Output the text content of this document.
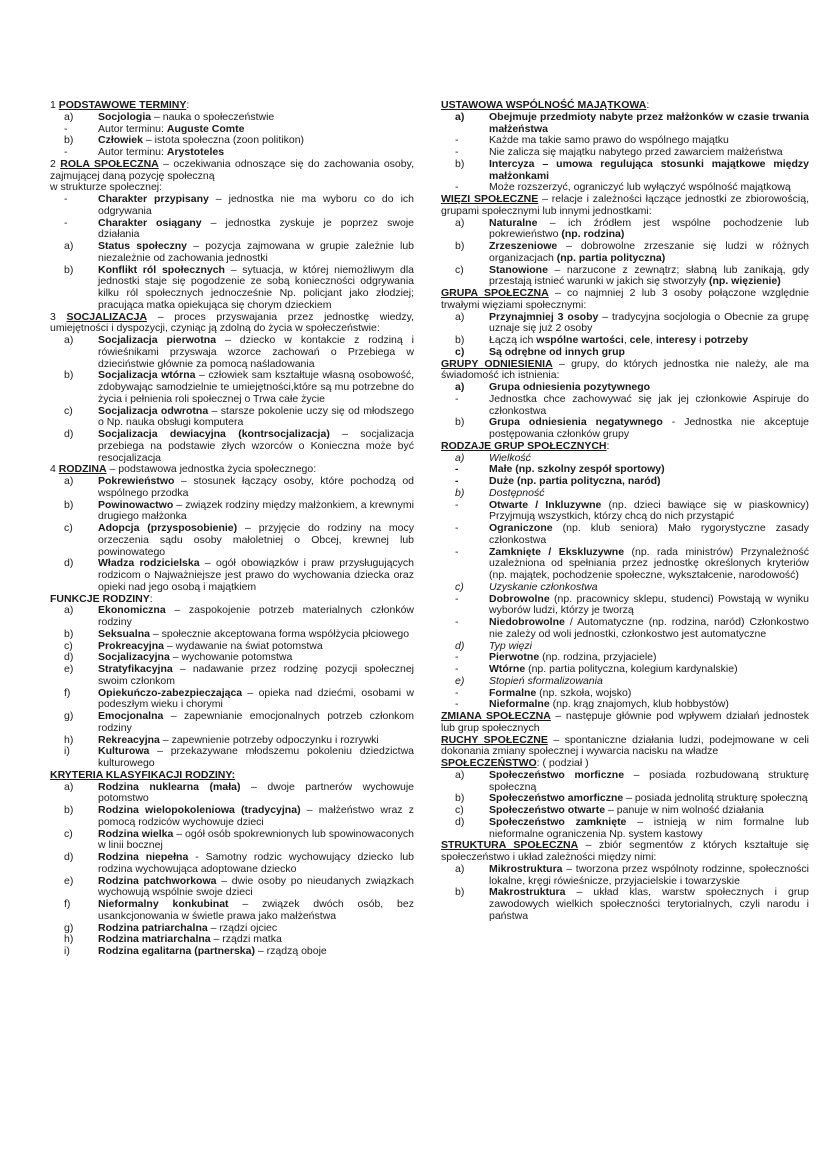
1 PODSTAWOWE TERMINY:
a) Socjologia – nauka o społeczeństwie
-	Autor terminu: Auguste Comte
b) Człowiek – istota społeczna (zoon politikon)
-	Autor terminu: Arystoteles
2 ROLA SPOŁECZNA – oczekiwania odnoszące się do zachowania osoby, zajmującej daną pozycję społeczną
w strukturze społecznej:
-	Charakter przypisany – jednostka nie ma wyboru co do ich odgrywania
-	Charakter osiągany – jednostka zyskuje je poprzez swoje działania
a) Status społeczny – pozycja zajmowana w grupie zależnie lub niezależnie od zachowania jednostki
b) Konflikt ról społecznych – sytuacja, w której niemożliwym dla jednostki staje się pogodzenie ze sobą konieczności odgrywania kilku ról społecznych jednocześnie Np. policjant jako złodziej; pracująca matka opiekująca się chorym dzieckiem
3 SOCJALIZACJA – proces przyswajania przez jednostkę wiedzy, umiejętności i dyspozycji, czyniąc ją zdolną do życia w społeczeństwie:
a) Socjalizacja pierwotna – dziecko w kontakcie z rodziną i rówieśnikami przyswaja wzorce zachowań o Przebiega w dzieciństwie głównie za pomocą naśladowania
b) Socjalizacja wtórna – człowiek sam kształtuje własną osobowość, zdobywając samodzielnie te umiejętności,które są mu potrzebne do życia i pełnienia roli społecznej o Trwa całe życie
c) Socjalizacja odwrotna – starsze pokolenie uczy się od młodszego o Np. nauka obsługi komputera
d) Socjalizacja dewiacyjna (kontrsocjalizacja) – socjalizacja przebiega na podstawie złych wzorców o Konieczna może być resocjalizacja
4 RODZINA – podstawowa jednostka życia społecznego:
a) Pokrewieństwo – stosunek łączący osoby, które pochodzą od wspólnego przodka
b) Powinowactwo – związek rodziny między małżonkiem, a krewnymi drugiego małżonka
c) Adopcja (przysposobienie) – przyjęcie do rodziny na mocy orzeczenia sądu osoby małoletniej o Obcej, krewnej lub powinowatego
d) Władza rodzicielska – ogół obowiązków i praw przysługujących rodzicom o Najważniejsze jest prawo do wychowania dziecka oraz opieki nad jego osobą i majątkiem
FUNKCJE RODZINY:
a) Ekonomiczna – zaspokojenie potrzeb materialnych członków rodziny
b) Seksualna – społecznie akceptowana forma współżycia płciowego
c) Prokreacyjna – wydawanie na świat potomstwa
d) Socjalizacyjna – wychowanie potomstwa
e) Stratyfikacyjna – nadawanie przez rodzinę pozycji społecznej swoim członkom
f)	Opiekuńczo-zabezpieczająca – opieka nad dziećmi, osobami w podeszłym wieku i chorymi
g) Emocjonalna – zapewnianie emocjonalnych potrzeb członkom rodziny
h) Rekreacyjna – zapewnienie potrzeby odpoczynku i rozrywki
i)	Kulturowa – przekazywane młodszemu pokoleniu dziedzictwa kulturowego
KRYTERIA KLASYFIKACJI RODZINY:
a) Rodzina nuklearna (mała) – dwoje partnerów wychowuje potomstwo
b) Rodzina wielopokoleniowa (tradycyjna) – małżeństwo wraz z pomocą rodziców wychowuje dzieci
c) Rodzina wielka – ogół osób spokrewnionych lub spowinowaconych w linii bocznej
d) Rodzina niepełna - Samotny rodzic wychowujący dziecko lub rodzina wychowująca adoptowane dziecko
e) Rodzina patchworkowa – dwie osoby po nieudanych związkach wychowują wspólnie swoje dzieci
f)	Nieformalny konkubinat – związek dwóch osób, bez usankcjonowania w świetle prawa jako małżeństwa
g) Rodzina patriarchalna – rządzi ojciec
h) Rodzina matriarchalna – rządzi matka
i)	Rodzina egalitarna (partnerska) – rządzą oboje
USTAWOWA WSPÓLNOŚĆ MAJĄTKOWA:
a) Obejmuje przedmioty nabyte przez małżonków w czasie trwania małżeństwa
-	Każde ma takie samo prawo do wspólnego majątku
-	Nie zalicza się majątku nabytego przed zawarciem małżeństwa
b) Intercyza – umowa regulująca stosunki majątkowe między małżonkami
-	Może rozszerzyć, ograniczyć lub wyłączyć wspólność majątkową
WIĘZI SPOŁECZNE – relacje i zależności łączące jednostki ze zbiorowością, grupami społecznymi lub innymi jednostkami:
a) Naturalne – ich źródłem jest wspólne pochodzenie lub pokrewieństwo (np. rodzina)
b) Zrzeszeniowe – dobrowolne zrzeszanie się ludzi w różnych organizacjach (np. partia polityczna)
c) Stanowione – narzucone z zewnątrz; słabną lub zanikają, gdy przestają istnieć warunki w jakich się stworzyły (np. więzienie)
GRUPA SPOŁECZNA – co najmniej 2 lub 3 osoby połączone względnie trwałymi więziami społecznymi:
a) Przynajmniej 3 osoby – tradycyjna socjologia o Obecnie za grupę uznaje się już 2 osoby
b) Łączą ich wspólne wartości, cele, interesy i potrzeby
c) Są odrębne od innych grup
GRUPY ODNIESIENIA – grupy, do których jednostka nie należy, ale ma świadomość ich istnienia:
a) Grupa odniesienia pozytywnego
-	Jednostka chce zachowywać się jak jej członkowie Aspiruje do członkostwa
b) Grupa odniesienia negatywnego - Jednostka nie akceptuje postępowania członków grupy
RODZAJE GRUP SPOŁECZNYCH:
a) Wielkość
-	Małe (np. szkolny zespół sportowy)
-	Duże (np. partia polityczna, naród)
b) Dostępność
-	Otwarte / Inkluzywne (np. dzieci bawiące się w piaskownicy) Przyjmują wszystkich, którzy chcą do nich przystąpić
-	Ograniczone (np. klub seniora) Mało rygorystyczne zasady członkostwa
-	Zamknięte / Ekskluzywne (np. rada ministrów) Przynależność uzależniona od spełniania przez jednostkę określonych kryteriów (np. majątek, pochodzenie społeczne, wykształcenie, narodowość)
c) Uzyskanie członkostwa
-	Dobrowolne (np. pracownicy sklepu, studenci) Powstają w wyniku wyborów ludzi, którzy je tworzą
-	Niedobrowolne / Automatyczne (np. rodzina, naród) Członkostwo nie zależy od woli jednostki, członkostwo jest automatyczne
d) Typ więzi
-	Pierwotne (np. rodzina, przyjaciele)
-	Wtórne (np. partia polityczna, kolegium kardynalskie)
e) Stopień sformalizowania
-	Formalne (np. szkoła, wojsko)
-	Nieformalne (np. krąg znajomych, klub hobbystów)
ZMIANA SPOŁECZNA – następuje głównie pod wpływem działań jednostek lub grup społecznych
RUCHY SPOŁECZNE – spontaniczne działania ludzi, podejmowane w celi dokonania zmiany społecznej i wywarcia nacisku na władze
SPOŁECZEŃSTWO: ( podział )
a) Społeczeństwo morficzne – posiada rozbudowaną strukturę społeczną
b) Społeczeństwo amorficzne – posiada jednolitą strukturę społeczną
c) Społeczeństwo otwarte – panuje w nim wolność działania
d) Społeczeństwo zamknięte – istnieją w nim formalne lub nieformalne ograniczenia Np. system kastowy
STRUKTURA SPOŁECZNA – zbiór segmentów z których kształtuje się społeczeństwo i układ zależności między nimi:
a) Mikrostruktura – tworzona przez wspólnoty rodzinne, społeczności lokalne, kręgi rówieśnicze, przyjacielskie i towarzyskie
b) Makrostruktura – układ klas, warstw społecznych i grup zawodowych wielkich społeczności terytorialnych, czyli narodu i państwa
